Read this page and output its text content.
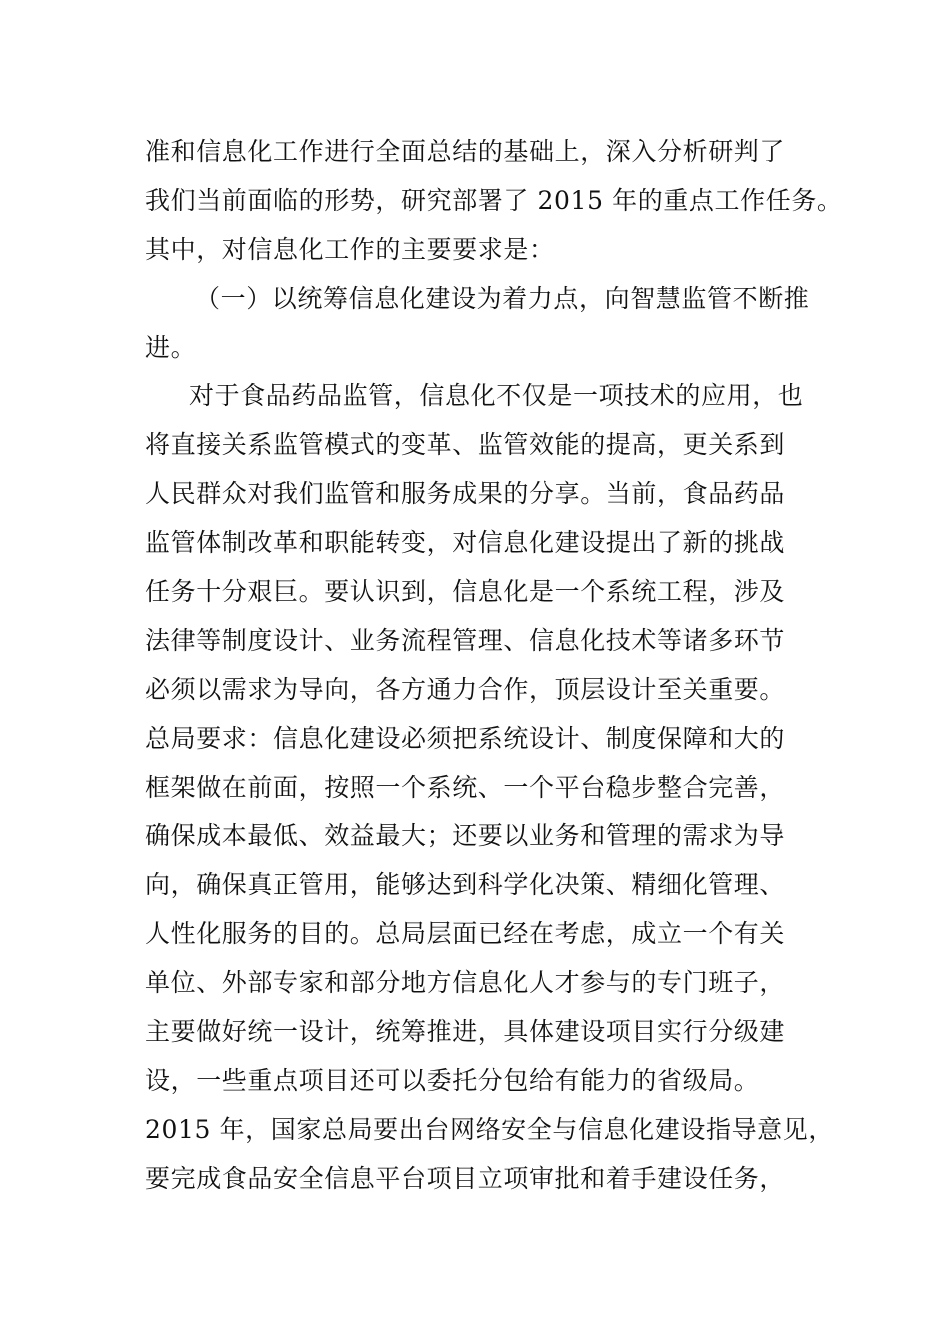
准和信息化工作进行全面总结的基础上，深入分析研判了
我们当前面临的形势，研究部署了 2015 年的重点工作任务。
其中，对信息化工作的主要要求是：
（一）以统筹信息化建设为着力点，向智慧监管不断推
进。
对于食品药品监管，信息化不仅是一项技术的应用，也
将直接关系监管模式的变革、监管效能的提高，更关系到
人民群众对我们监管和服务成果的分享。当前，食品药品
监管体制改革和职能转变，对信息化建设提出了新的挑战
任务十分艰巨。要认识到，信息化是一个系统工程，涉及
法律等制度设计、业务流程管理、信息化技术等诸多环节
必须以需求为导向，各方通力合作，顶层设计至关重要。
总局要求：信息化建设必须把系统设计、制度保障和大的
框架做在前面，按照一个系统、一个平台稳步整合完善，
确保成本最低、效益最大；还要以业务和管理的需求为导
向，确保真正管用，能够达到科学化决策、精细化管理、
人性化服务的目的。总局层面已经在考虑，成立一个有关
单位、外部专家和部分地方信息化人才参与的专门班子，
主要做好统一设计，统筹推进，具体建设项目实行分级建
设，一些重点项目还可以委托分包给有能力的省级局。
2015 年，国家总局要出台网络安全与信息化建设指导意见，
要完成食品安全信息平台项目立项审批和着手建设任务，
